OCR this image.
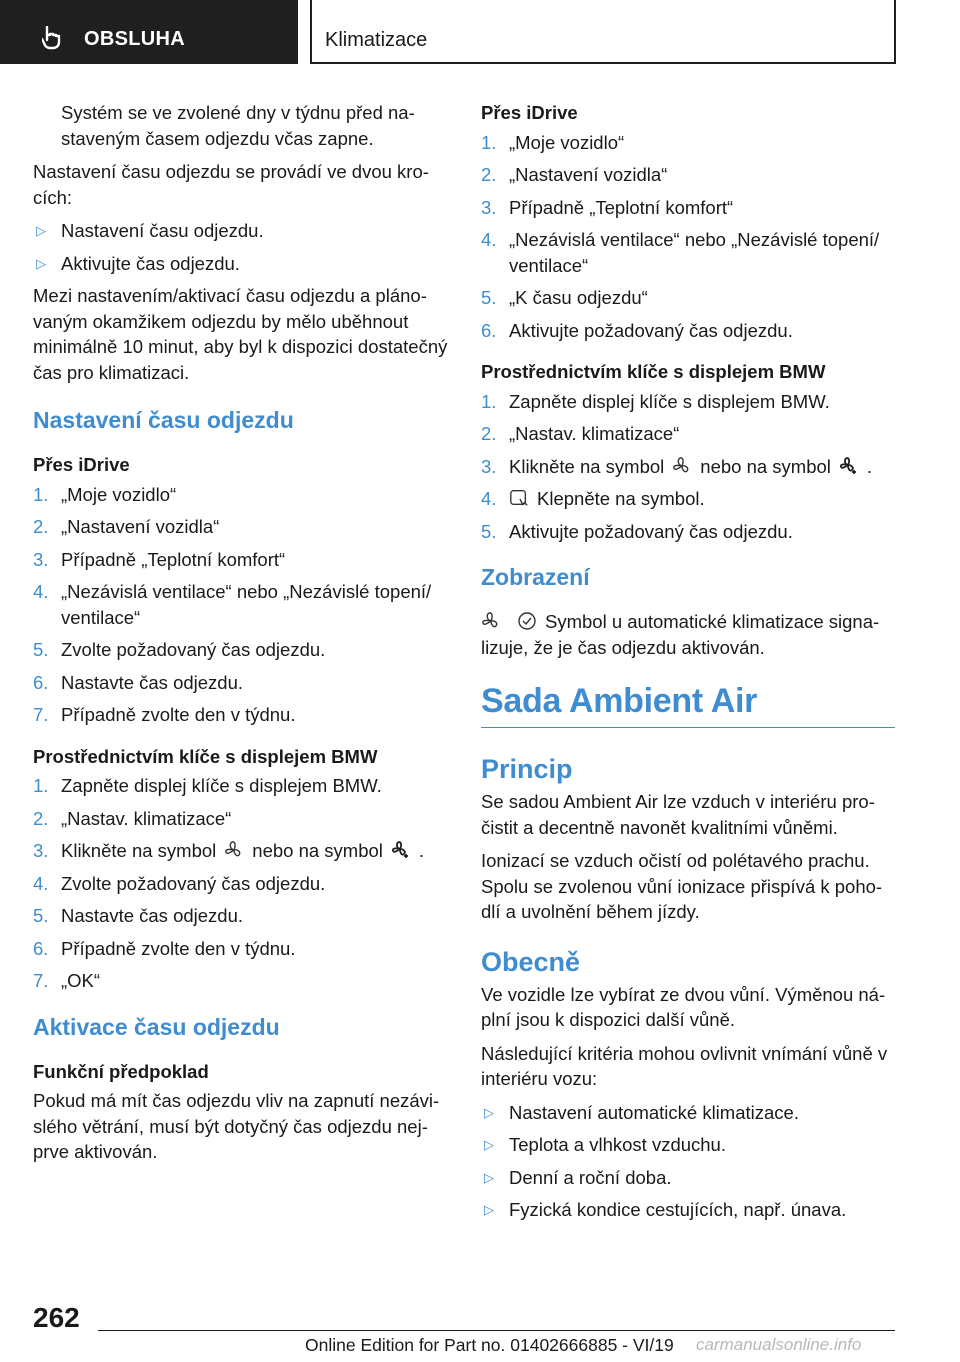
OBSLUHA	Klimatizace

Systém se ve zvolené dny v týdnu před nastaveným časem odjezdu včas zapne.

Nastavení času odjezdu se provádí ve dvou krocích:

▷ Nastavení času odjezdu.
▷ Aktivujte čas odjezdu.

Mezi nastavením/aktivací času odjezdu a plánovaným okamžikem odjezdu by mělo uběhnout minimálně 10 minut, aby byl k dispozici dostatečný čas pro klimatizaci.

Nastavení času odjezdu
Přes iDrive
1. „Moje vozidlo“
2. „Nastavení vozidla“
3. Případně „Teplotní komfort“
4. „Nezávislá ventilace“ nebo „Nezávislé topení/ ventilace“
5. Zvolte požadovaný čas odjezdu.
6. Nastavte čas odjezdu.
7. Případně zvolte den v týdnu.
Prostřednictvím klíče s displejem BMW
1. Zapněte displej klíče s displejem BMW.
2. „Nastav. klimatizace“
3. Klikněte na symbol nebo na symbol .
4. Zvolte požadovaný čas odjezdu.
5. Nastavte čas odjezdu.
6. Případně zvolte den v týdnu.
7. „OK“
Aktivace času odjezdu
Funkční předpoklad

Pokud má mít čas odjezdu vliv na zapnutí nezávislého větrání, musí být dotyčný čas odjezdu nejprve aktivován.

Přes iDrive
1. „Moje vozidlo“
2. „Nastavení vozidla“
3. Případně „Teplotní komfort“
4. „Nezávislá ventilace“ nebo „Nezávislé topení/ ventilace“
5. „K času odjezdu“
6. Aktivujte požadovaný čas odjezdu.
Prostřednictvím klíče s displejem BMW
1. Zapněte displej klíče s displejem BMW.
2. „Nastav. klimatizace“
3. Klikněte na symbol nebo na symbol .
4. Klepněte na symbol.
5. Aktivujte požadovaný čas odjezdu.
Zobrazení

Symbol u automatické klimatizace signalizuje, že je čas odjezdu aktivován.

Sada Ambient Air
Princip

Se sadou Ambient Air lze vzduch v interiéru pročistit a decentně navonět kvalitními vůněmi.

Ionizací se vzduch očistí od polétavého prachu. Spolu se zvolenou vůní ionizace přispívá k pohodlí a uvolnění během jízdy.

Obecně

Ve vozidle lze vybírat ze dvou vůní. Výměnou náplní jsou k dispozici další vůně.

Následující kritéria mohou ovlivnit vnímání vůně v interiéru vozu:

▷ Nastavení automatické klimatizace.
▷ Teplota a vlhkost vzduchu.
▷ Denní a roční doba.
▷ Fyzická kondice cestujících, např. únava.
262
Online Edition for Part no. 01402666885 - VI/19 carmanualsonline.info
